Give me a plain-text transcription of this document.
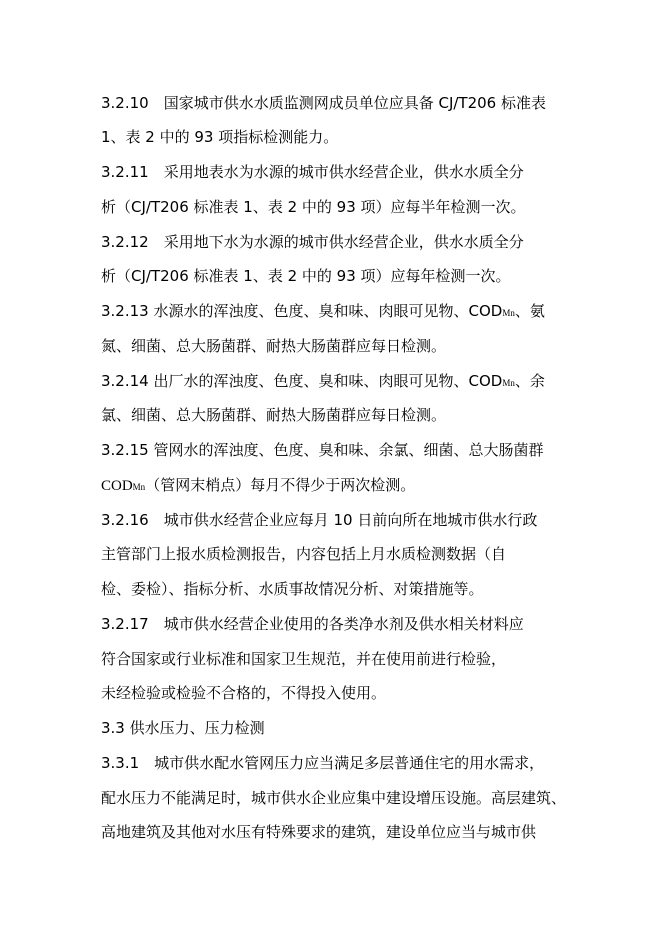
3.2.10　国家城市供水水质监测网成员单位应具备 CJ/T206 标准表
1、表 2 中的 93 项指标检测能力。
3.2.11　采用地表水为水源的城市供水经营企业，供水水质全分
析（CJ/T206 标准表 1、表 2 中的 93 项）应每半年检测一次。
3.2.12　采用地下水为水源的城市供水经营企业，供水水质全分
析（CJ/T206 标准表 1、表 2 中的 93 项）应每年检测一次。
3.2.13 水源水的浑浊度、色度、臭和味、肉眼可见物、CODMn、氨
氮、细菌、总大肠菌群、耐热大肠菌群应每日检测。
3.2.14 出厂水的浑浊度、色度、臭和味、肉眼可见物、CODMn、余
氯、细菌、总大肠菌群、耐热大肠菌群应每日检测。
3.2.15 管网水的浑浊度、色度、臭和味、余氯、细菌、总大肠菌群
CODMn（管网末梢点）每月不得少于两次检测。
3.2.16　城市供水经营企业应每月 10 日前向所在地城市供水行政
主管部门上报水质检测报告，内容包括上月水质检测数据（自
检、委检）、指标分析、水质事故情况分析、对策措施等。
3.2.17　城市供水经营企业使用的各类净水剂及供水相关材料应
符合国家或行业标准和国家卫生规范，并在使用前进行检验，
未经检验或检验不合格的，不得投入使用。
3.3 供水压力、压力检测
3.3.1　城市供水配水管网压力应当满足多层普通住宅的用水需求，
配水压力不能满足时，城市供水企业应集中建设增压设施。高层建筑、
高地建筑及其他对水压有特殊要求的建筑，建设单位应当与城市供
